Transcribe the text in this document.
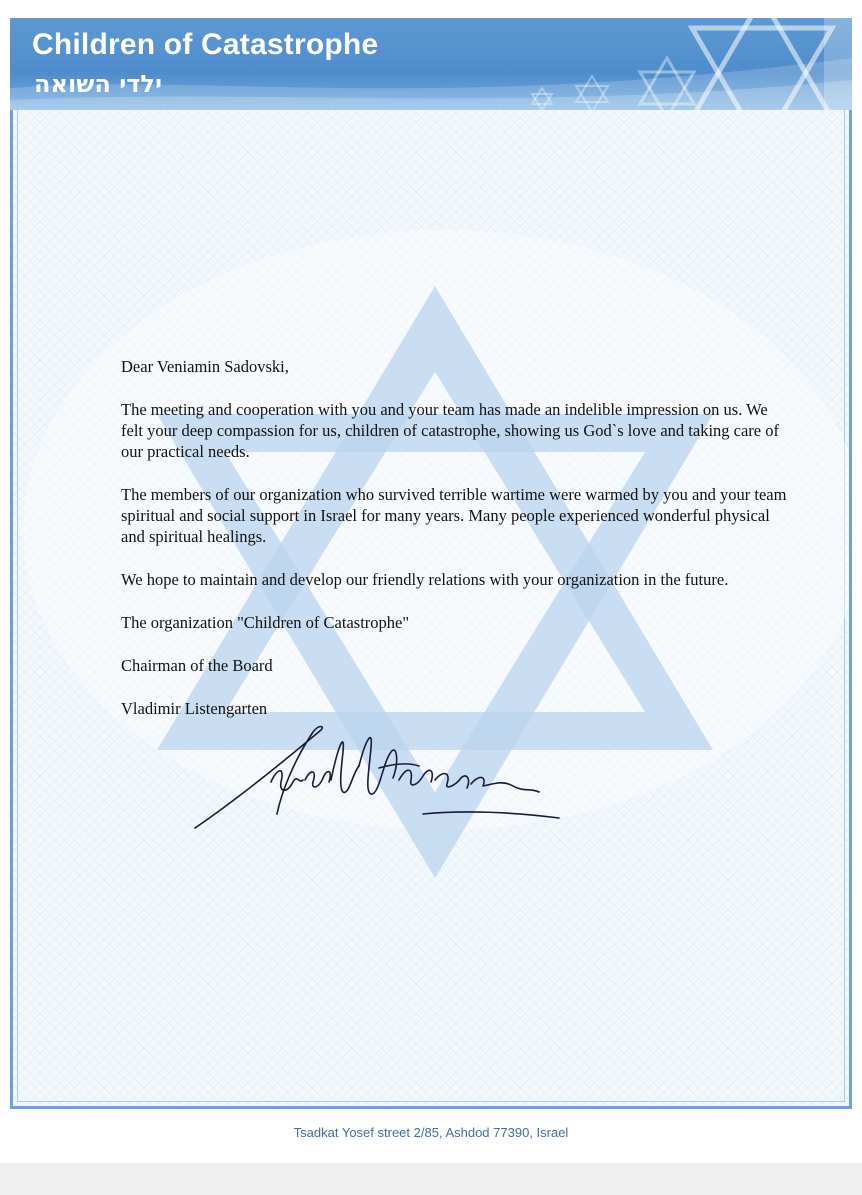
Children of Catastrophe
ילדי השואה

Dear Veniamin Sadovski,

The meeting and cooperation with you and your team has made an indelible impression on us. We felt your deep compassion for us, children of catastrophe, showing us God`s love and taking care of our practical needs.

The members of our organization who survived terrible wartime were warmed by you and your team spiritual and social support in Israel for many years. Many people experienced wonderful physical and spiritual healings.

We hope to maintain and develop our friendly relations with your organization in the future.

The organization "Children of Catastrophe"

Chairman of the Board

Vladimir Listengarten

Tsadkat Yosef street 2/85, Ashdod 77390, Israel
